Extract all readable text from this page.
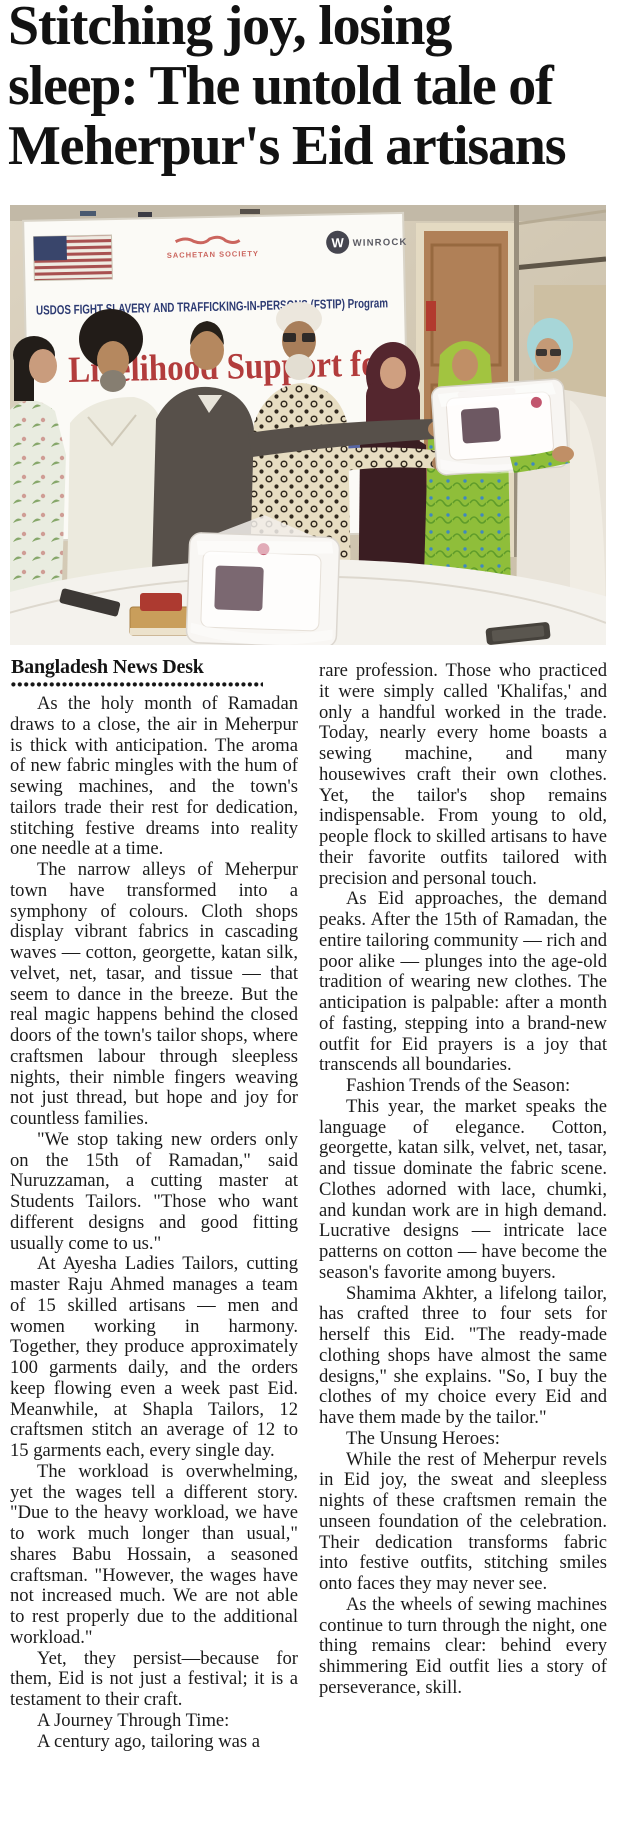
Stitching joy, losing
sleep: The untold tale of
Meherpur's Eid artisans
SACHETAN SOCIETY
W WINROCK
USDOS FIGHT SLAVERY AND TRAFFICKING-IN-PERSONS (FSTIP) Program
Livelihood Support for
Bangladesh News Desk

As the holy month of Ramadan draws to a close, the air in Meherpur is thick with anticipation. The aroma of new fabric mingles with the hum of sewing machines, and the town's tailors trade their rest for dedication, stitching festive dreams into reality one needle at a time.

The narrow alleys of Meherpur town have transformed into a symphony of colours. Cloth shops display vibrant fabrics in cascading waves — cotton, georgette, katan silk, velvet, net, tasar, and tissue — that seem to dance in the breeze. But the real magic happens behind the closed doors of the town's tailor shops, where craftsmen labour through sleepless nights, their nimble fingers weaving not just thread, but hope and joy for countless families.

"We stop taking new orders only on the 15th of Ramadan," said Nuruzzaman, a cutting master at Students Tailors. "Those who want different designs and good fitting usually come to us."

At Ayesha Ladies Tailors, cutting master Raju Ahmed manages a team of 15 skilled artisans — men and women working in harmony. Together, they produce approximately 100 garments daily, and the orders keep flowing even a week past Eid. Meanwhile, at Shapla Tailors, 12 craftsmen stitch an average of 12 to 15 garments each, every single day.

The workload is overwhelming, yet the wages tell a different story. "Due to the heavy workload, we have to work much longer than usual," shares Babu Hossain, a seasoned craftsman. "However, the wages have not increased much. We are not able to rest properly due to the additional workload."

Yet, they persist—because for them, Eid is not just a festival; it is a testament to their craft.

A Journey Through Time:

A century ago, tailoring was a

rare profession. Those who practiced it were simply called 'Khalifas,' and only a handful worked in the trade. Today, nearly every home boasts a sewing machine, and many housewives craft their own clothes. Yet, the tailor's shop remains indispensable. From young to old, people flock to skilled artisans to have their favorite outfits tailored with precision and personal touch.

As Eid approaches, the demand peaks. After the 15th of Ramadan, the entire tailoring community — rich and poor alike — plunges into the age-old tradition of wearing new clothes. The anticipation is palpable: after a month of fasting, stepping into a brand-new outfit for Eid prayers is a joy that transcends all boundaries.

Fashion Trends of the Season:

This year, the market speaks the language of elegance. Cotton, georgette, katan silk, velvet, net, tasar, and tissue dominate the fabric scene. Clothes adorned with lace, chumki, and kundan work are in high demand. Lucrative designs — intricate lace patterns on cotton — have become the season's favorite among buyers.

Shamima Akhter, a lifelong tailor, has crafted three to four sets for herself this Eid. "The ready-made clothing shops have almost the same designs," she explains. "So, I buy the clothes of my choice every Eid and have them made by the tailor."

The Unsung Heroes:

While the rest of Meherpur revels in Eid joy, the sweat and sleepless nights of these craftsmen remain the unseen foundation of the celebration. Their dedication transforms fabric into festive outfits, stitching smiles onto faces they may never see.

As the wheels of sewing machines continue to turn through the night, one thing remains clear: behind every shimmering Eid outfit lies a story of perseverance, skill.
